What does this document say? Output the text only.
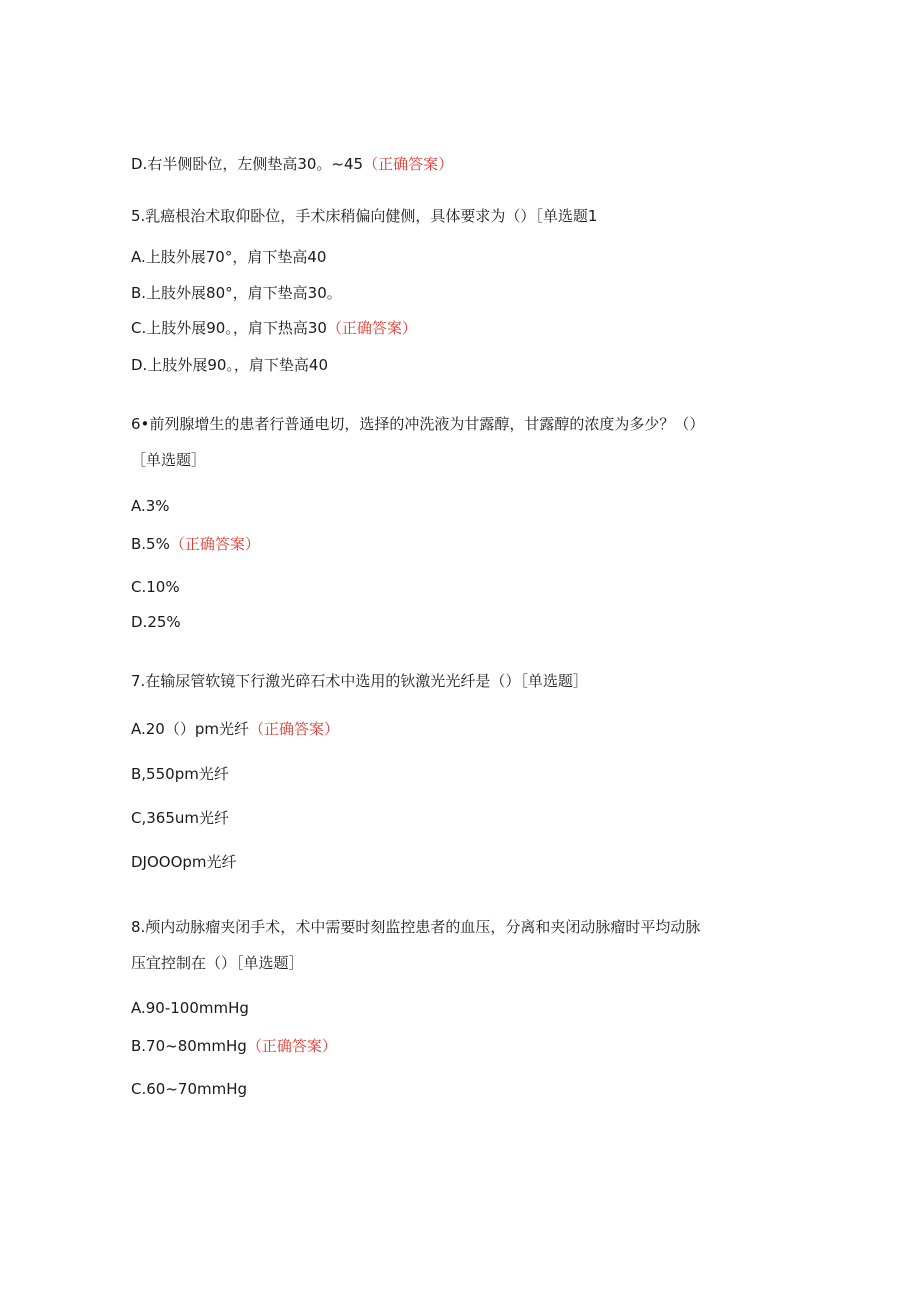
D.右半侧卧位，左侧垫高30。~45（正确答案）
5.乳癌根治术取仰卧位，手术床稍偏向健侧，具体要求为（）［单选题1
A.上肢外展70°，肩下垫高40
B.上肢外展80°，肩下垫高30。
C.上肢外展90。，肩下热高30（正确答案）
D.上肢外展90。，肩下垫高40
6•前列腺增生的患者行普通电切，选择的冲洗液为甘露醇，甘露醇的浓度为多少？（）
［单选题］
A.3%
B.5%（正确答案）
C.10%
D.25%
7.在输尿管软镜下行激光碎石术中选用的钬激光光纤是（）［单选题］
A.20（）pm光纤（正确答案）
B,550pm光纤
C,365um光纤
DJOOOpm光纤
8.颅内动脉瘤夹闭手术，术中需要时刻监控患者的血压，分离和夹闭动脉瘤时平均动脉
压宜控制在（）［单选题］
A.90-100mmHg
B.70~80mmHg（正确答案）
C.60~70mmHg
